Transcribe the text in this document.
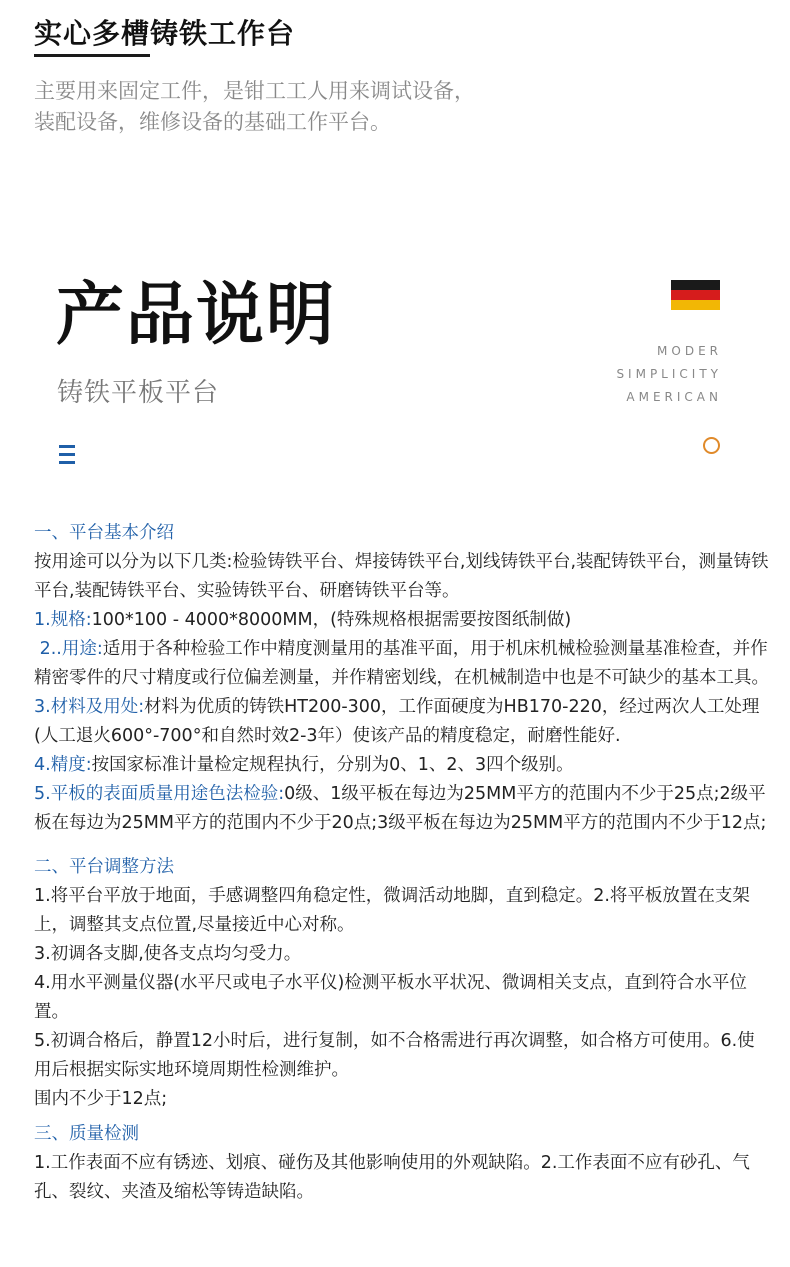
实心多槽铸铁工作台
主要用来固定工件，是钳工工人用来调试设备，
装配设备，维修设备的基础工作平台。
产品说明
铸铁平板平台
MODER
SIMPLICITY
AMERICAN

一、平台基本介绍

按用途可以分为以下几类:检验铸铁平台、焊接铸铁平台,划线铸铁平台,装配铸铁平台，测量铸铁平台,装配铸铁平台、实验铸铁平台、研磨铸铁平台等。

1.规格:100*100 - 4000*8000MM，(特殊规格根据需要按图纸制做)

2..用途:适用于各种检验工作中精度测量用的基准平面，用于机床机械检验测量基准检查，并作精密零件的尺寸精度或行位偏差测量，并作精密划线，在机械制造中也是不可缺少的基本工具。

3.材料及用处:材料为优质的铸铁HT200-300，工作面硬度为HB170-220，经过两次人工处理(人工退火600°-700°和自然时效2-3年）使该产品的精度稳定，耐磨性能好.

4.精度:按国家标准计量检定规程执行，分别为0、1、2、3四个级别。

5.平板的表面质量用途色法检验:0级、1级平板在每边为25MM平方的范围内不少于25点;2级平板在每边为25MM平方的范围内不少于20点;3级平板在每边为25MM平方的范围内不少于12点;

二、平台调整方法

1.将平台平放于地面，手感调整四角稳定性，微调活动地脚，直到稳定。2.将平板放置在支架上，调整其支点位置,尽量接近中心对称。

3.初调各支脚,使各支点均匀受力。

4.用水平测量仪器(水平尺或电子水平仪)检测平板水平状况、微调相关支点，直到符合水平位置。

5.初调合格后，静置12小时后，进行复制，如不合格需进行再次调整，如合格方可使用。6.使用后根据实际实地环境周期性检测维护。

围内不少于12点;

三、质量检测

1.工作表面不应有锈迹、划痕、碰伤及其他影响使用的外观缺陷。2.工作表面不应有砂孔、气孔、裂纹、夹渣及缩松等铸造缺陷。
